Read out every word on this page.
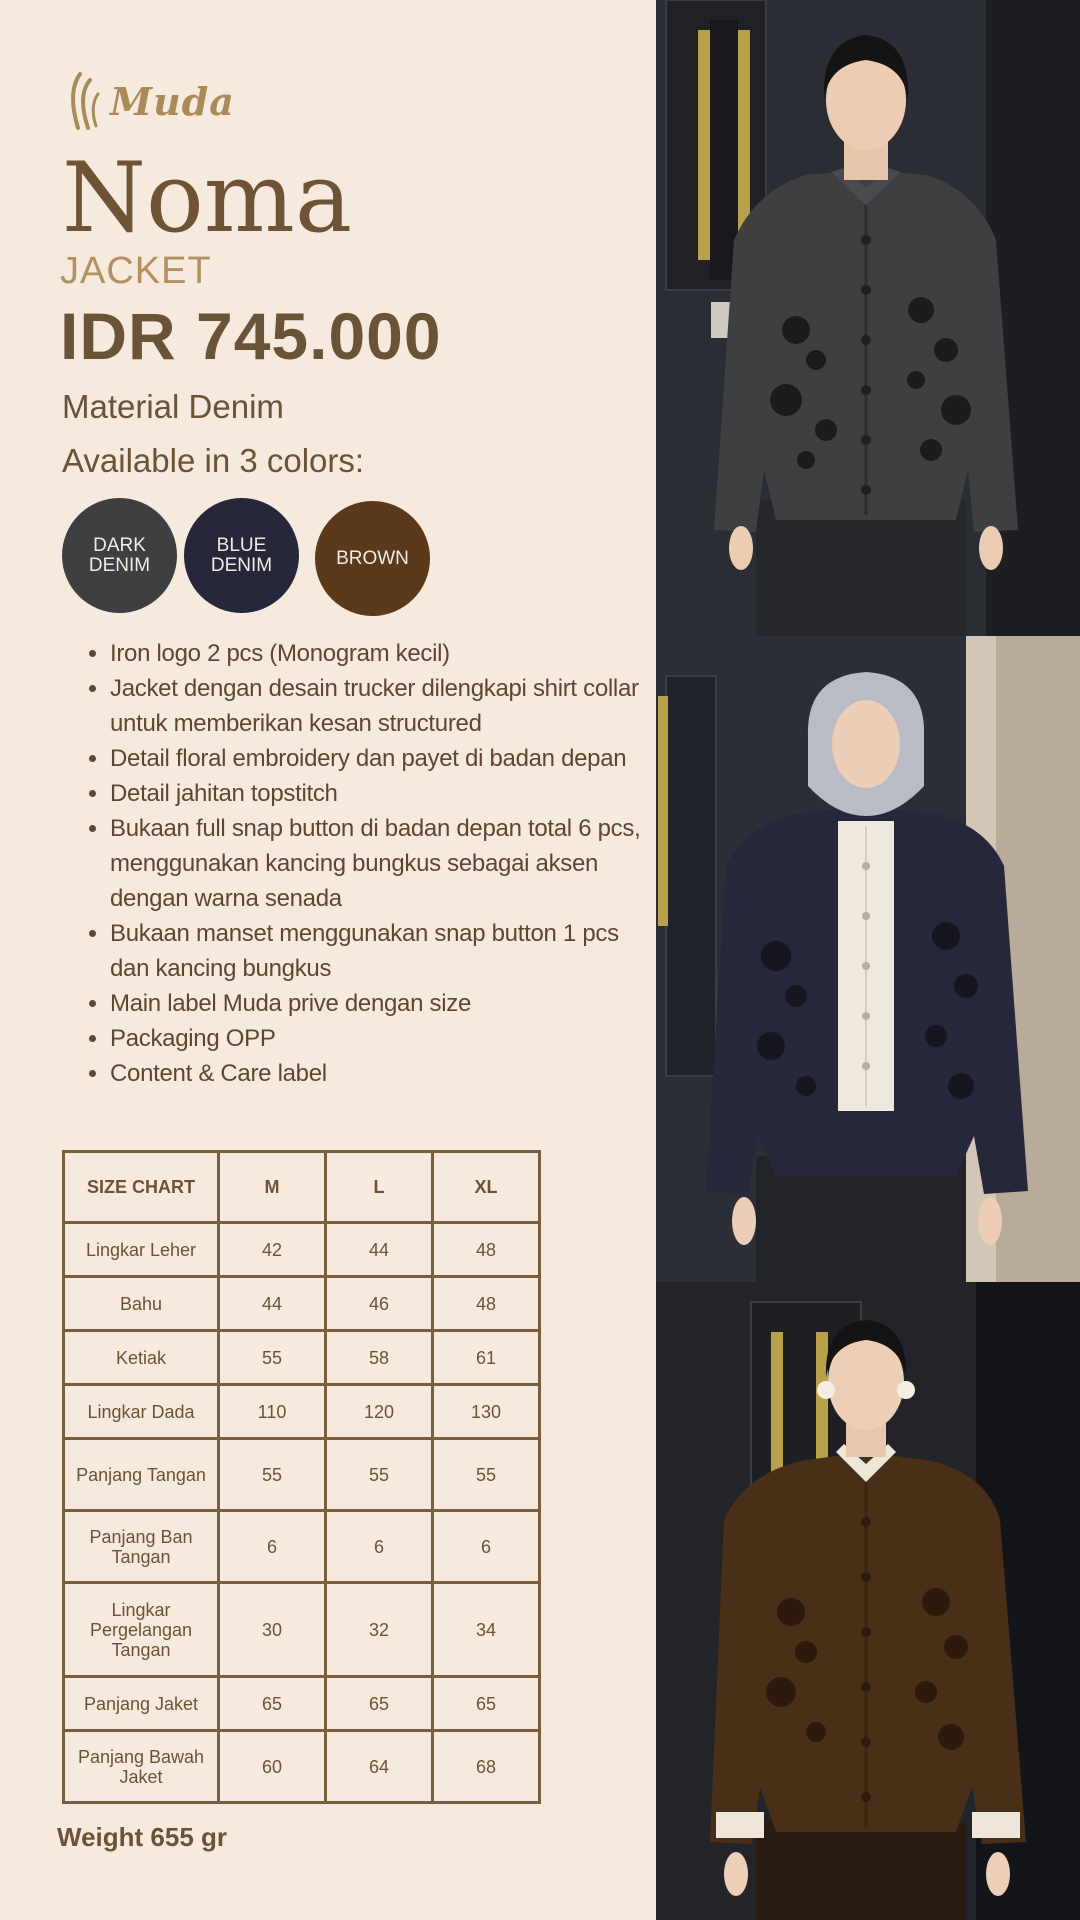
Muda
Noma
JACKET
IDR 745.000
Material Denim
Available in 3 colors:
DARK
DENIM
BLUE
DENIM	BROWN
• Iron logo 2 pcs (Monogram kecil)
• Jacket dengan desain trucker dilengkapi shirt collar untuk memberikan kesan structured
• Detail floral embroidery dan payet di badan depan
• Detail jahitan topstitch
• Bukaan full snap button di badan depan total 6 pcs, menggunakan kancing bungkus sebagai aksen dengan warna senada
• Bukaan manset menggunakan snap button 1 pcs dan kancing bungkus
• Main label Muda prive dengan size
• Packaging OPP
• Content & Care label
SIZE CHART	M	L	XL
Lingkar Leher	42	44	48
Bahu	44	46	48
Ketiak	55	58	61
Lingkar Dada	110	120	130
Panjang Tangan	55	55	55
Panjang Ban Tangan	6	6	6
Lingkar Pergelangan Tangan	30	32	34
Panjang Jaket	65	65	65
Panjang Bawah Jaket	60	64	68
Weight 655 gr
